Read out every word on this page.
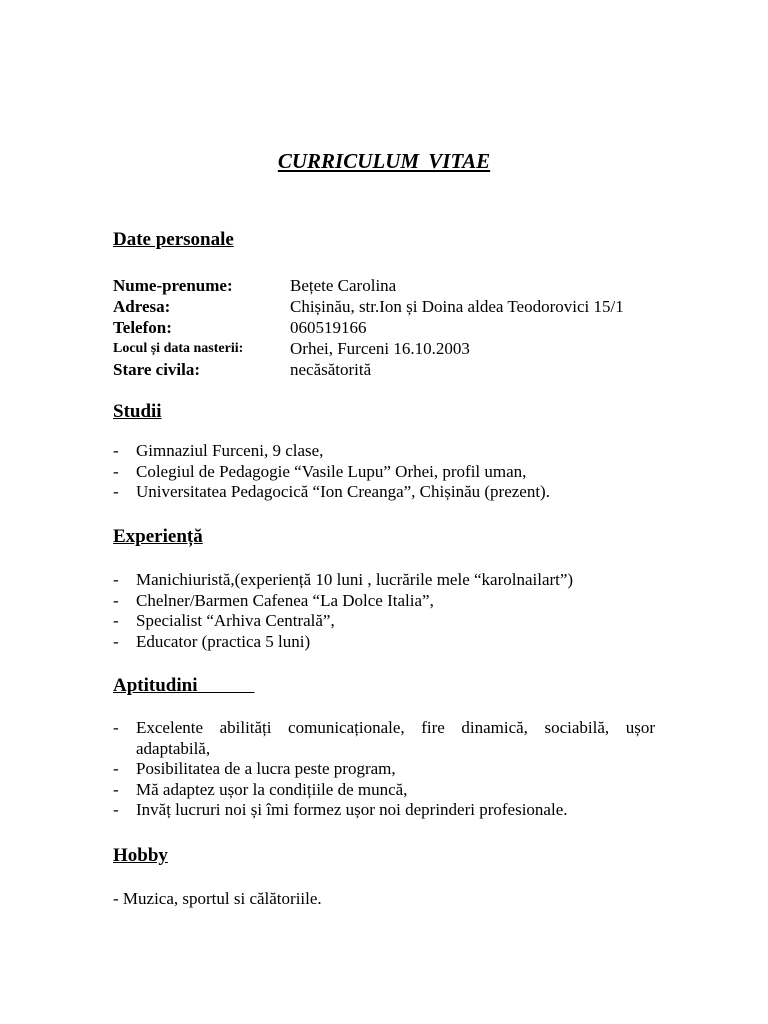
CURRICULUM VITAE
Date personale
Nume-prenume:	Bețete Carolina
Adresa:	Chișinău, str.Ion și Doina aldea Teodorovici 15/1
Telefon:	060519166
Locul și data nasterii:	Orhei, Furceni 16.10.2003
Stare civila:	necăsătorită
Studii
- Gimnaziul Furceni, 9 clase,
- Colegiul de Pedagogie “Vasile Lupu” Orhei, profil uman,
- Universitatea Pedagocică “Ion Creanga”, Chișinău (prezent).
Experiență
- Manichiuristă,(experiență 10 luni , lucrările mele “karolnailart”)
- Chelner/Barmen Cafenea “La Dolce Italia”,
- Specialist “Arhiva Centrală”,
- Educator (practica 5 luni)
Aptitudini
- Excelente abilități comunicaționale, fire dinamică, sociabilă, ușor adaptabilă,
- Posibilitatea de a lucra peste program,
- Mă adaptez ușor la condițiile de muncă,
- Invăț lucruri noi și îmi formez ușor noi deprinderi profesionale.
Hobby
- Muzica, sportul si călătoriile.
